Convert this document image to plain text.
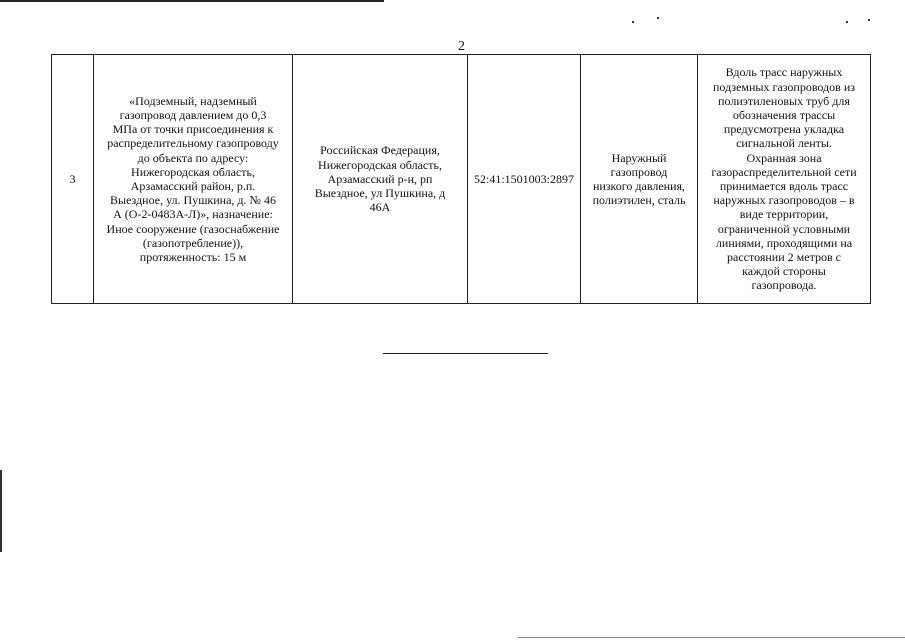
2
3	«Подземный, надземный
газопровод давлением до 0,3
МПа от точки присоединения к
распределительному газопроводу
до объекта по адресу:
Нижегородская область,
Арзамасский район, р.п.
Выездное, ул. Пушкина, д. № 46
А (О-2-0483А-Л)», назначение:
Иное сооружение (газоснабжение
(газопотребление)),
протяженность: 15 м	Российская Федерация,
Нижегородская область,
Арзамасский р-н, рп
Выездное, ул Пушкина, д
46А	52:41:1501003:2897	Наружный
газопровод
низкого давления,
полиэтилен, сталь	Вдоль трасс наружных
подземных газопроводов из
полиэтиленовых труб для
обозначения трассы
предусмотрена укладка
сигнальной ленты.
Охранная зона
газораспределительной сети
принимается вдоль трасс
наружных газопроводов – в
виде территории,
ограниченной условными
линиями, проходящими на
расстоянии 2 метров с
каждой стороны
газопровода.
